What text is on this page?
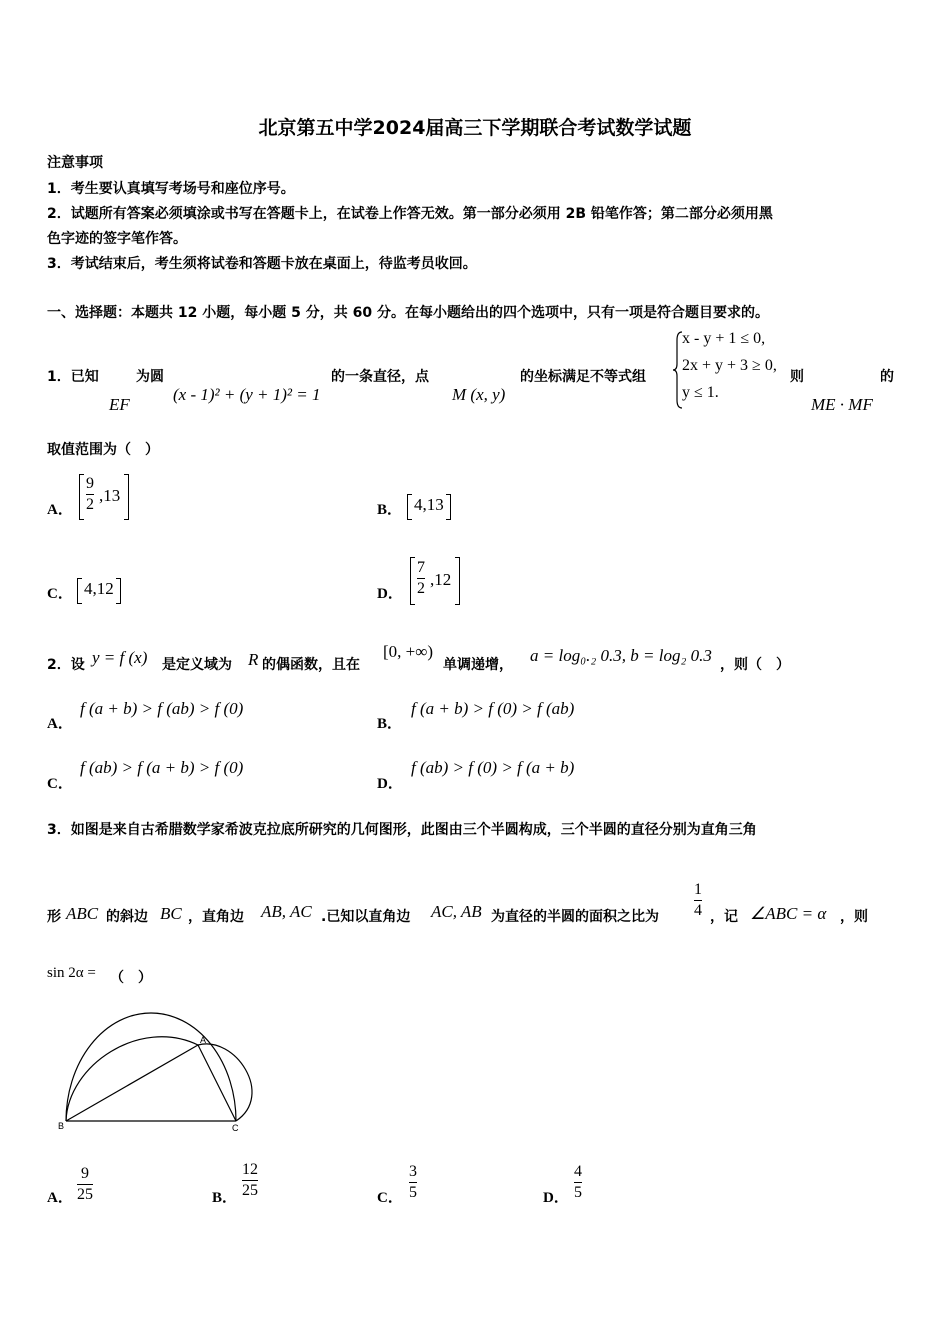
北京第五中学2024届高三下学期联合考试数学试题
注意事项
1．考生要认真填写考场号和座位序号。
2．试题所有答案必须填涂或书写在答题卡上，在试卷上作答无效。第一部分必须用 2B 铅笔作答；第二部分必须用黑
色字迹的签字笔作答。
3．考试结束后，考生须将试卷和答题卡放在桌面上，待监考员收回。
一、选择题：本题共 12 小题，每小题 5 分，共 60 分。在每小题给出的四个选项中，只有一项是符合题目要求的。
1．已知
EF
为圆
(x - 1)² + (y + 1)² = 1
的一条直径，点
M (x, y)
的坐标满足不等式组
x - y + 1 ≤ 0,
2x + y + 3 ≥ 0,
y ≤ 1.
则
ME · MF
的
取值范围为（　）
A．
9
2 ,13
B． 4,13
C． 4,12	D．
7
2 ,12
2．设 y = f (x) 是定义域为 R 的偶函数，且在
[0, +∞)
单调递增， a = log₀.₂ 0.3, b = log₂ 0.3 ，则（　）
A．
f (a + b) > f (ab) > f (0)
B．
f (a + b) > f (0) > f (ab)
C．
f (ab) > f (a + b) > f (0)
D．
f (ab) > f (0) > f (a + b)
3．如图是来自古希腊数学家希波克拉底所研究的几何图形，此图由三个半圆构成，三个半圆的直径分别为直角三角
形 ABC 的斜边 BC ，直角边 AB, AC .已知以直角边 AC, AB 为直径的半圆的面积之比为
1
4 ，记 ∠ABC = α ，则
sin 2α = （　）
A
B	C
A．
9
25	B．
12
25	C．
3
5	D．
4
5
